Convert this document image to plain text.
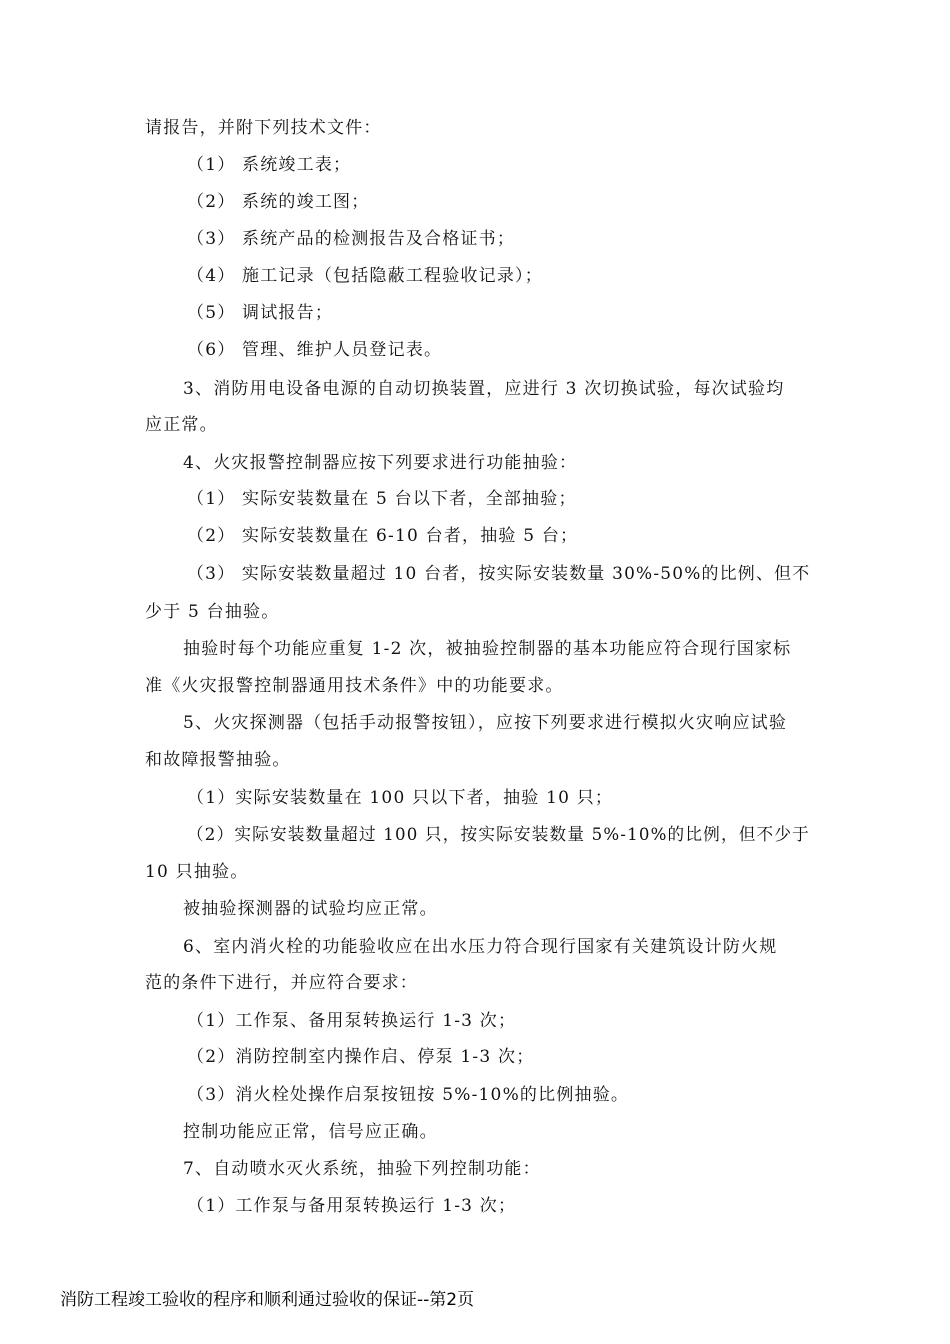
请报告，并附下列技术文件：
（1） 系统竣工表；
（2） 系统的竣工图；
（3） 系统产品的检测报告及合格证书；
（4） 施工记录（包括隐蔽工程验收记录）；
（5） 调试报告；
（6） 管理、维护人员登记表。
3、消防用电设备电源的自动切换装置，应进行 3 次切换试验，每次试验均
应正常。
4、火灾报警控制器应按下列要求进行功能抽验：
（1） 实际安装数量在 5 台以下者，全部抽验；
（2） 实际安装数量在 6-10 台者，抽验 5 台；
（3） 实际安装数量超过 10 台者，按实际安装数量 30%-50%的比例、但不
少于 5 台抽验。
抽验时每个功能应重复 1-2 次，被抽验控制器的基本功能应符合现行国家标
准《火灾报警控制器通用技术条件》中的功能要求。
5、火灾探测器（包括手动报警按钮），应按下列要求进行模拟火灾响应试验
和故障报警抽验。
（1）实际安装数量在 100 只以下者，抽验 10 只；
（2）实际安装数量超过 100 只，按实际安装数量 5%-10%的比例，但不少于
10 只抽验。
被抽验探测器的试验均应正常。
6、室内消火栓的功能验收应在出水压力符合现行国家有关建筑设计防火规
范的条件下进行，并应符合要求：
（1）工作泵、备用泵转换运行 1-3 次；
（2）消防控制室内操作启、停泵 1-3 次；
（3）消火栓处操作启泵按钮按 5%-10%的比例抽验。
控制功能应正常，信号应正确。
7、自动喷水灭火系统，抽验下列控制功能：
（1）工作泵与备用泵转换运行 1-3 次；
消防工程竣工验收的程序和顺利通过验收的保证--第2页
